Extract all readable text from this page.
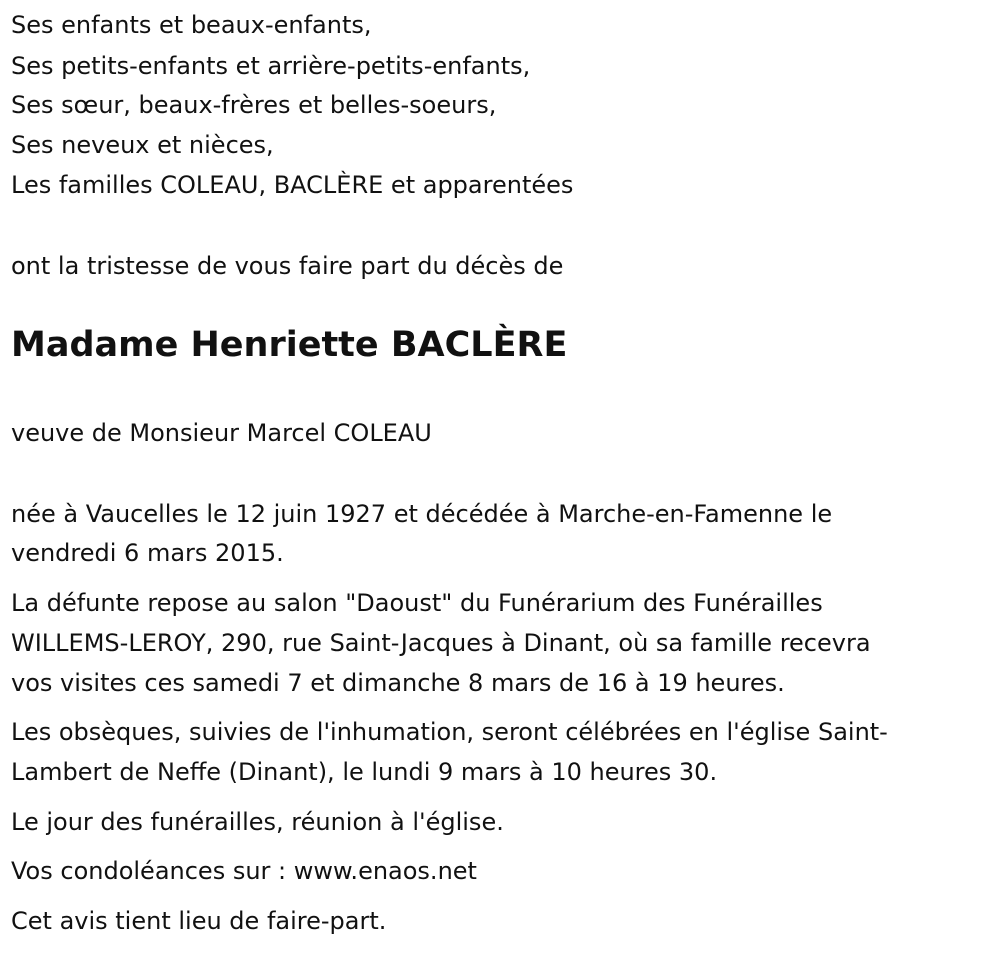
Ses enfants et beaux-enfants,

Ses petits-enfants et arrière-petits-enfants,

Ses sœur, beaux-frères et belles-soeurs,

Ses neveux et nièces,

Les familles COLEAU, BACLÈRE et apparentées

ont la tristesse de vous faire part du décès de

Madame Henriette BACLÈRE

veuve de Monsieur Marcel COLEAU

née à Vaucelles le 12 juin 1927 et décédée à Marche-en-Famenne le

vendredi 6 mars 2015.

La défunte repose au salon "Daoust" du Funérarium des Funérailles

WILLEMS-LEROY, 290, rue Saint-Jacques à Dinant, où sa famille recevra

vos visites ces samedi 7 et dimanche 8 mars de 16 à 19 heures.

Les obsèques, suivies de l'inhumation, seront célébrées en l'église Saint-

Lambert de Neffe (Dinant), le lundi 9 mars à 10 heures 30.

Le jour des funérailles, réunion à l'église.

Vos condoléances sur : www.enaos.net

Cet avis tient lieu de faire-part.
